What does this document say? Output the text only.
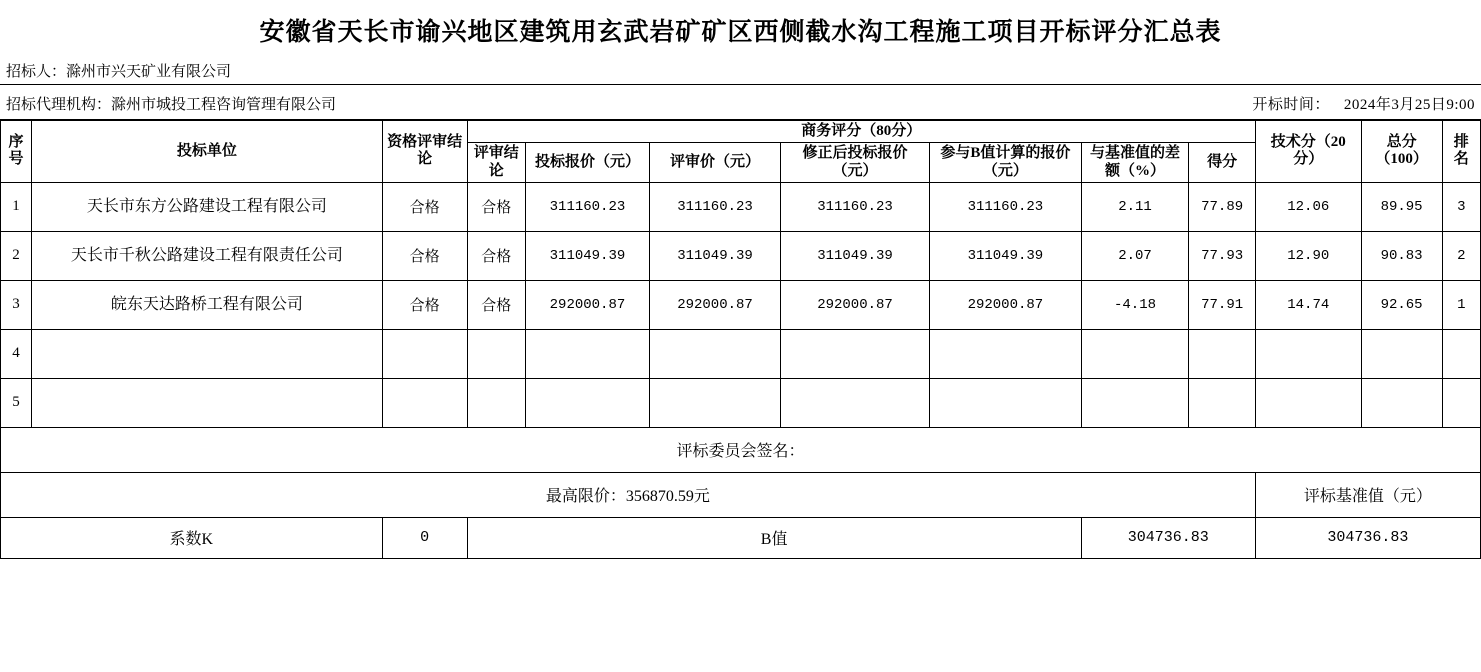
安徽省天长市谕兴地区建筑用玄武岩矿矿区西侧截水沟工程施工项目开标评分汇总表
招标人：滁州市兴天矿业有限公司
招标代理机构：滁州市城投工程咨询管理有限公司	开标时间： 2024年3月25日9:00
序号	投标单位	资格评审结论	商务评分（80分）							技术分（20分）	总分（100）	排名
			评审结论	投标报价（元）	评审价（元）	修正后投标报价（元）	参与B值计算的报价（元）	与基准值的差额（%）	得分			
1	天长市东方公路建设工程有限公司	合格	合格	311160.23	311160.23	311160.23	311160.23	2.11	77.89	12.06	89.95	3
2	天长市千秋公路建设工程有限责任公司	合格	合格	311049.39	311049.39	311049.39	311049.39	2.07	77.93	12.90	90.83	2
3	皖东天达路桥工程有限公司	合格	合格	292000.87	292000.87	292000.87	292000.87	-4.18	77.91	14.74	92.65	1
4												
5												
评标委员会签名：												
最高限价：356870.59元										评标基准值（元）		
系数K		0	B值					304736.83		304736.83		
